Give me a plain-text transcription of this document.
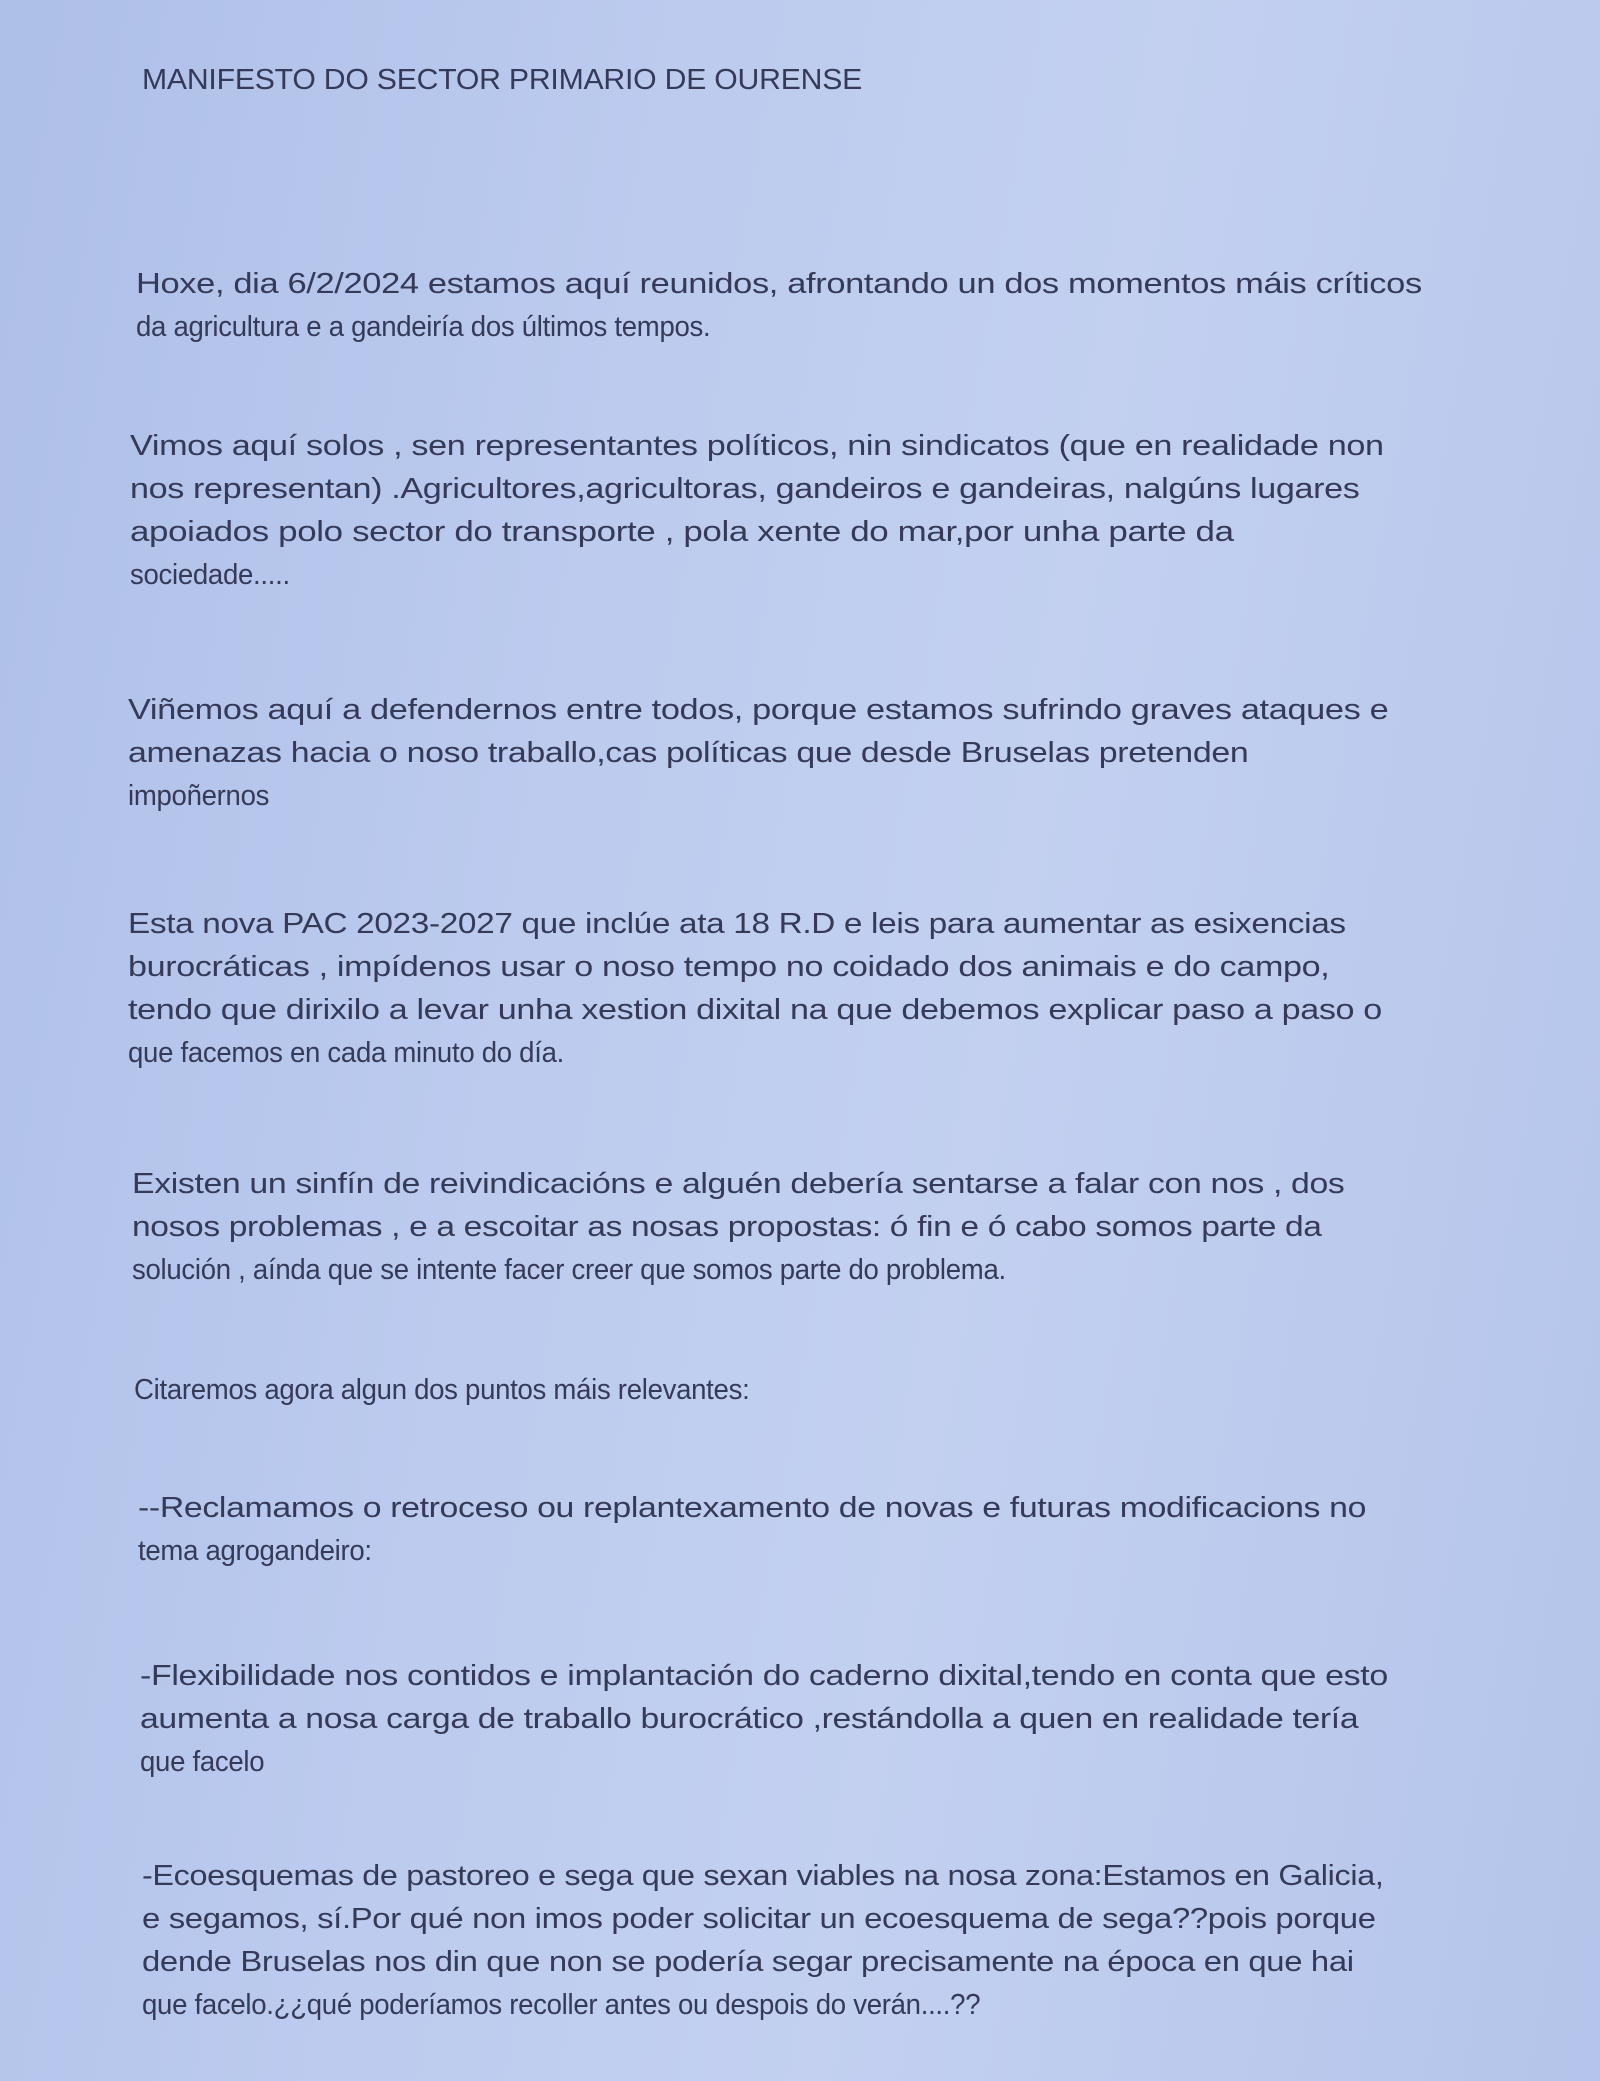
MANIFESTO DO SECTOR PRIMARIO DE OURENSE
Hoxe, dia 6/2/2024 estamos aquí reunidos, afrontando un dos momentos máis críticos
da agricultura e a gandeiría dos últimos tempos.
Vimos aquí solos , sen representantes políticos, nin sindicatos (que en realidade non
nos representan) .Agricultores,agricultoras, gandeiros e gandeiras, nalgúns lugares
apoiados polo sector do transporte , pola xente do mar,por unha parte da
sociedade.....
Viñemos aquí a defendernos entre todos, porque estamos sufrindo graves ataques e
amenazas hacia o noso traballo,cas políticas que desde Bruselas pretenden
impoñernos
Esta nova PAC 2023-2027 que inclúe ata 18 R.D e leis para aumentar as esixencias
burocráticas , impídenos usar o noso tempo no coidado dos animais e do campo,
tendo que dirixilo a levar unha xestion dixital na que debemos explicar paso a paso o
que facemos en cada minuto do día.
Existen un sinfín de reivindicacións e alguén debería sentarse a falar con nos , dos
nosos problemas , e a escoitar as nosas propostas: ó fin e ó cabo somos parte da
solución , aínda que se intente facer creer que somos parte do problema.
Citaremos agora algun dos puntos máis relevantes:
--Reclamamos o retroceso ou replantexamento de novas e futuras modificacions no
tema agrogandeiro:
-Flexibilidade nos contidos e implantación do caderno dixital,tendo en conta que esto
aumenta a nosa carga de traballo burocrático ,restándolla a quen en realidade tería
que facelo
-Ecoesquemas de pastoreo e sega que sexan viables na nosa zona:Estamos en Galicia,
e segamos, sí.Por qué non imos poder solicitar un ecoesquema de sega??pois porque
dende Bruselas nos din que non se podería segar precisamente na época en que hai
que facelo.¿¿qué poderíamos recoller antes ou despois do verán....??
